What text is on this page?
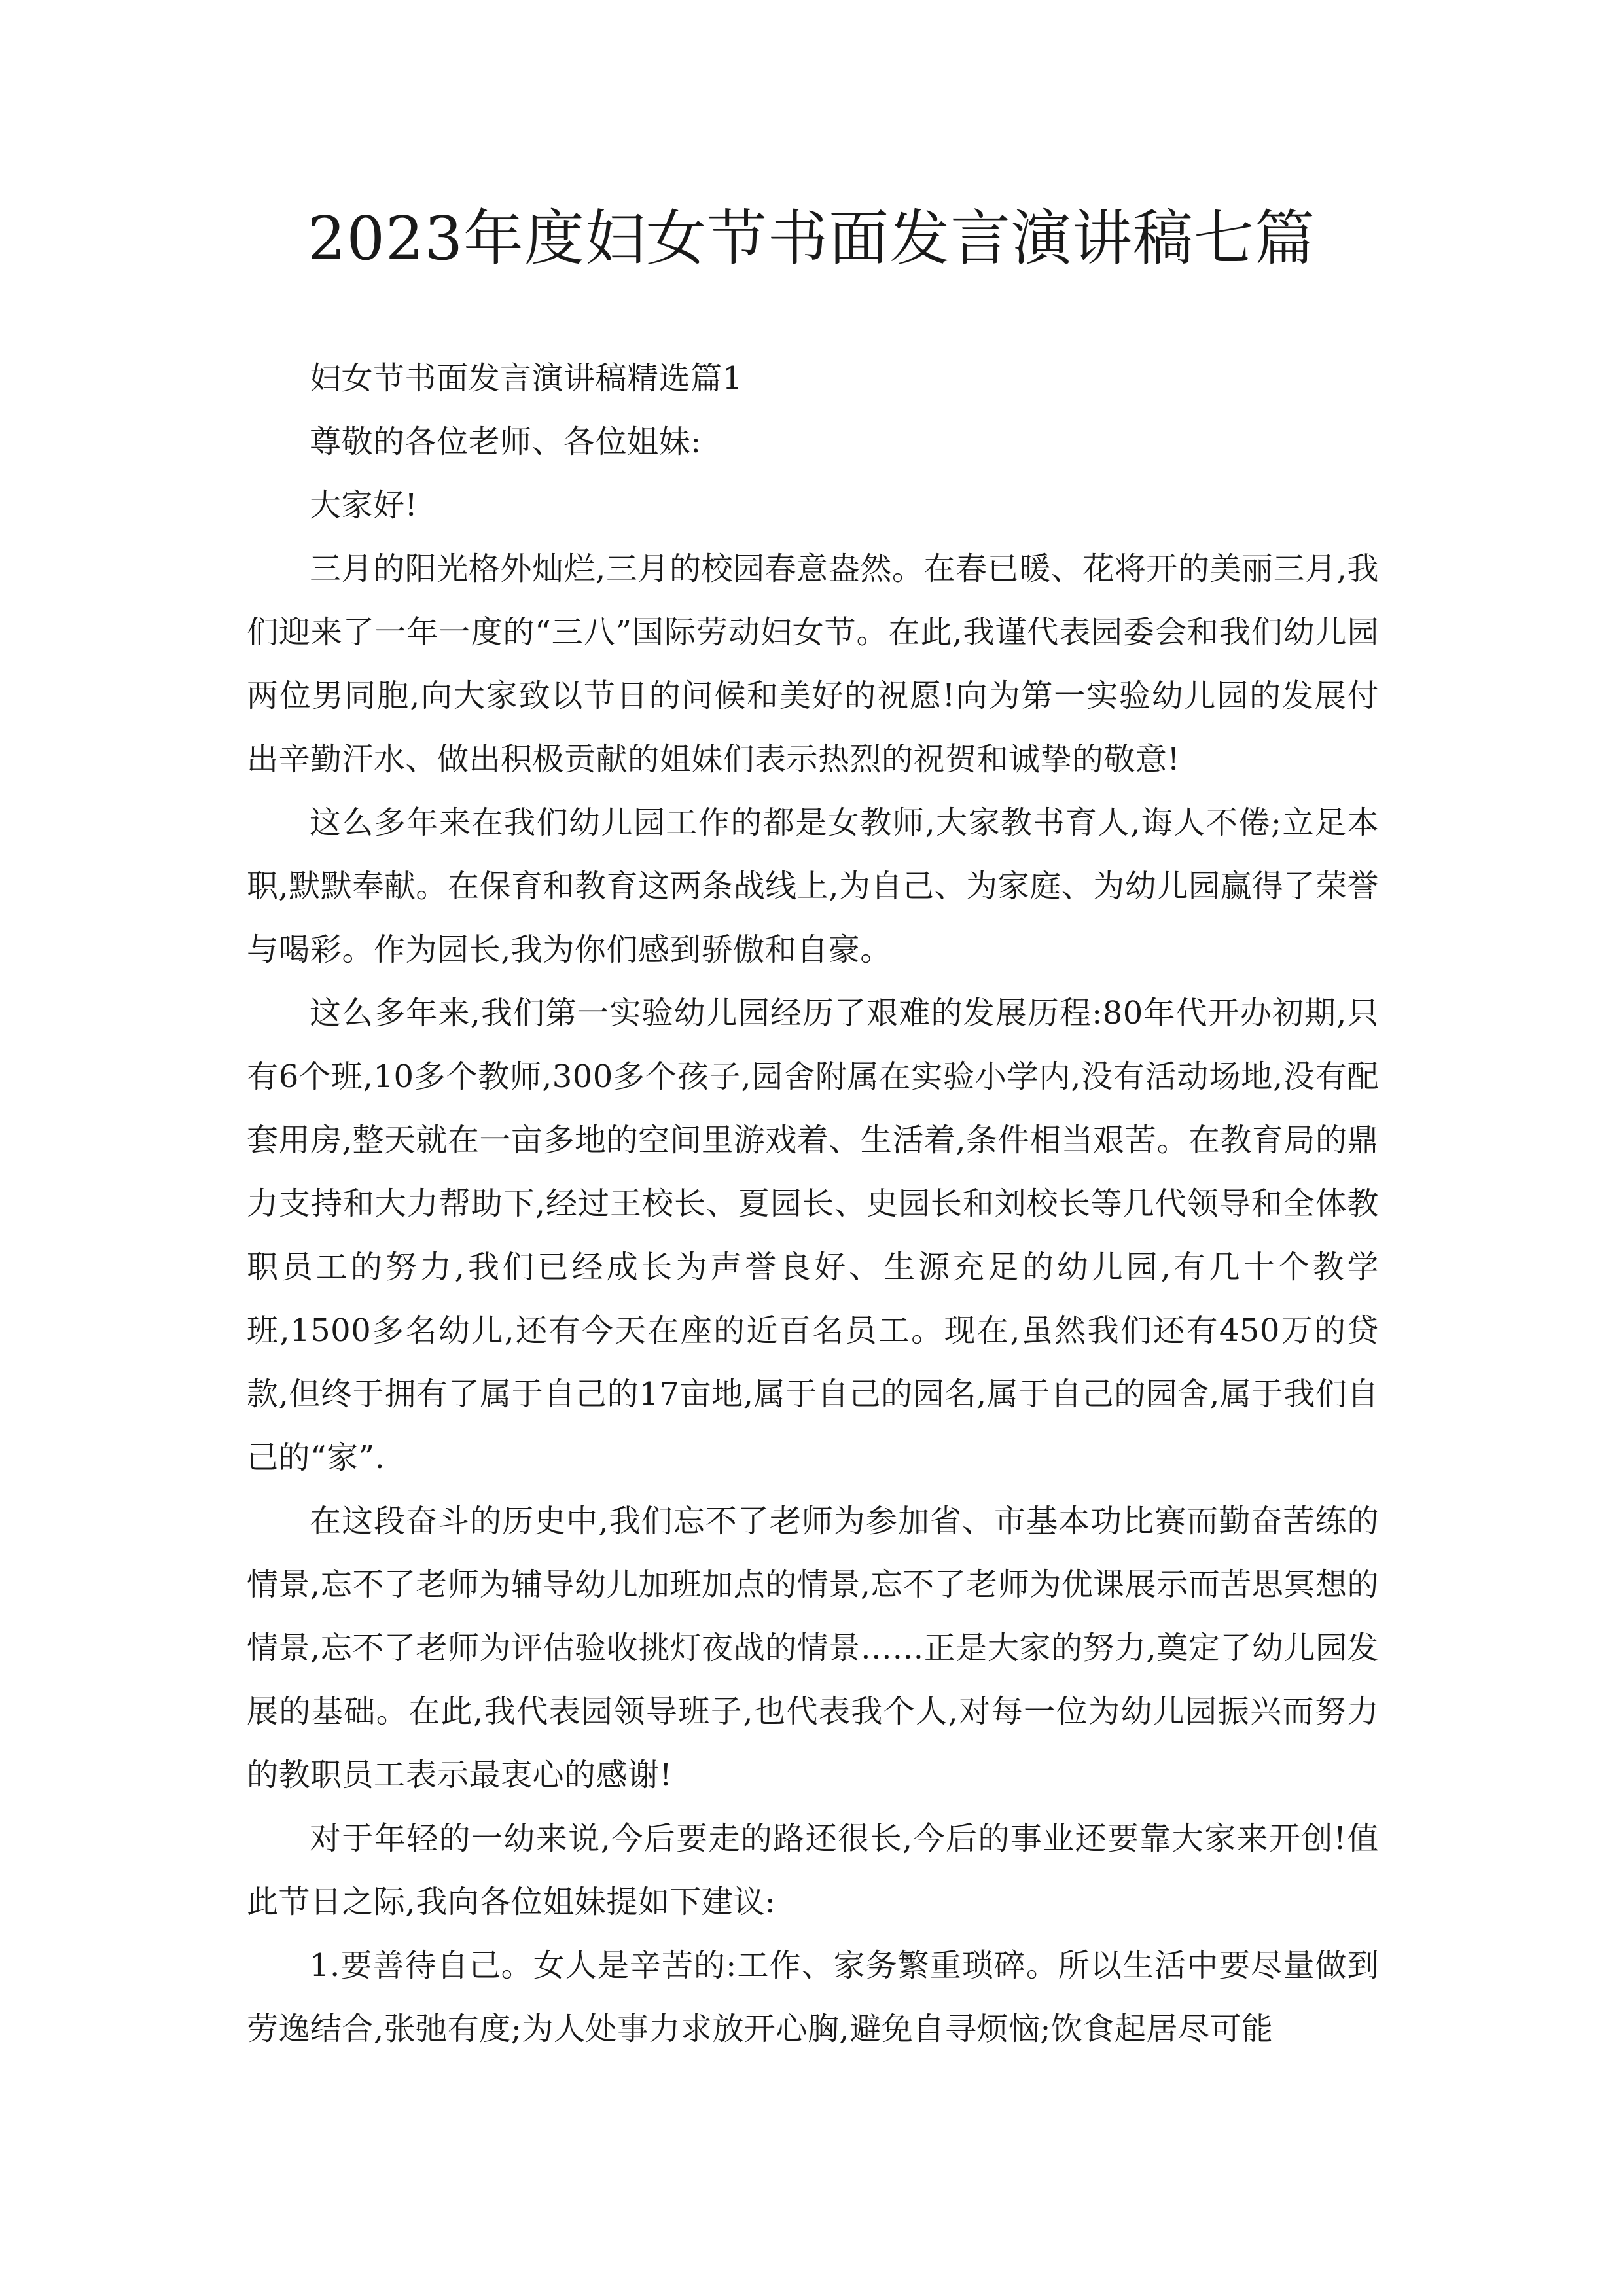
2023年度妇女节书面发言演讲稿七篇

妇女节书面发言演讲稿精选篇1

尊敬的各位老师、各位姐妹:

大家好!

三月的阳光格外灿烂,三月的校园春意盎然。在春已暖、花将开的美丽三月,我们迎来了一年一度的“三八”国际劳动妇女节。在此,我谨代表园委会和我们幼儿园两位男同胞,向大家致以节日的问候和美好的祝愿!向为第一实验幼儿园的发展付出辛勤汗水、做出积极贡献的姐妹们表示热烈的祝贺和诚挚的敬意!

这么多年来在我们幼儿园工作的都是女教师,大家教书育人,诲人不倦;立足本职,默默奉献。在保育和教育这两条战线上,为自己、为家庭、为幼儿园赢得了荣誉与喝彩。作为园长,我为你们感到骄傲和自豪。

这么多年来,我们第一实验幼儿园经历了艰难的发展历程:80年代开办初期,只有6个班,10多个教师,300多个孩子,园舍附属在实验小学内,没有活动场地,没有配套用房,整天就在一亩多地的空间里游戏着、生活着,条件相当艰苦。在教育局的鼎力支持和大力帮助下,经过王校长、夏园长、史园长和刘校长等几代领导和全体教职员工的努力,我们已经成长为声誉良好、生源充足的幼儿园,有几十个教学班,1500多名幼儿,还有今天在座的近百名员工。现在,虽然我们还有450万的贷款,但终于拥有了属于自己的17亩地,属于自己的园名,属于自己的园舍,属于我们自己的“家”.

在这段奋斗的历史中,我们忘不了老师为参加省、市基本功比赛而勤奋苦练的情景,忘不了老师为辅导幼儿加班加点的情景,忘不了老师为优课展示而苦思冥想的情景,忘不了老师为评估验收挑灯夜战的情景……正是大家的努力,奠定了幼儿园发展的基础。在此,我代表园领导班子,也代表我个人,对每一位为幼儿园振兴而努力的教职员工表示最衷心的感谢!

对于年轻的一幼来说,今后要走的路还很长,今后的事业还要靠大家来开创!值此节日之际,我向各位姐妹提如下建议:

1.要善待自己。女人是辛苦的:工作、家务繁重琐碎。所以生活中要尽量做到劳逸结合,张弛有度;为人处事力求放开心胸,避免自寻烦恼;饮食起居尽可能
